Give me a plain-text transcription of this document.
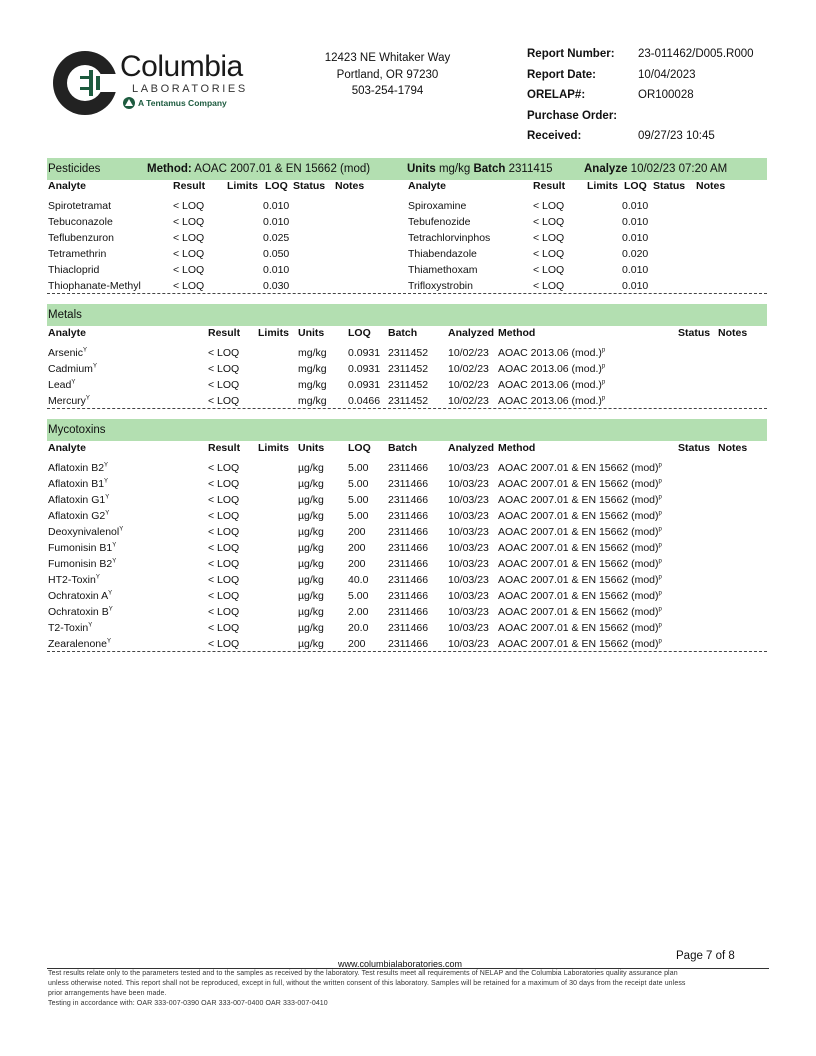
Columbia
LABORATORIES
A Tentamus Company
12423 NE Whitaker Way
Portland, OR 97230
503-254-1794
Report Number: 23-011462/D005.R000
Report Date:	10/04/2023
ORELAP#:	OR100028
Purchase Order:
Received:	09/27/23 10:45
Pesticides	Method: AOAC 2007.01 & EN 15662 (mod)	Units mg/kg Batch 2311415	Analyze 10/02/23 07:20 AM
Analyte	Result Limits LOQ Status Notes	Analyte	Result Limits LOQ Status Notes
Spirotetramat	< LOQ	0.010
Tebuconazole	< LOQ	0.010
Teflubenzuron	< LOQ	0.025
Tetramethrin	< LOQ	0.050
Thiacloprid	< LOQ	0.010
Thiophanate-Methyl	< LOQ	0.030
Spiroxamine	< LOQ	0.010
Tebufenozide	< LOQ	0.010
Tetrachlorvinphos	< LOQ	0.010
Thiabendazole	< LOQ	0.020
Thiamethoxam	< LOQ	0.010
Trifloxystrobin	< LOQ	0.010
Metals
Analyte	Result Limits Units LOQ Batch	Analyzed Method	Status Notes
Arsenic$^Y$	< LOQ	mg/kg 0.0931 2311452 10/02/23 AOAC 2013.06 $(mod.)^p$
Cadmium$^Y$	< LOQ	mg/kg 0.0931 2311452 10/02/23 AOAC 2013.06 $(mod.)^p$
Lead$^Y$	< LOQ	mg/kg 0.0931 2311452 10/02/23 AOAC 2013.06 $(mod.)^p$
Mercury$^Y$	< LOQ	mg/kg 0.0466 2311452 10/02/23 AOAC 2013.06 $(mod.)^p$
Mycotoxins
Analyte	Result Limits Units LOQ Batch	Analyzed Method	Status Notes
Aflatoxin $B2^Y$	< LOQ	µg/kg 5.00 2311466 10/03/23 AOAC 2007.01 & EN 15662 (mod)$^p$
Aflatoxin $B1^Y$	< LOQ	µg/kg 5.00 2311466 10/03/23 AOAC 2007.01 & EN 15662 (mod)$^p$
Aflatoxin $G1^Y$	< LOQ	µg/kg 5.00 2311466 10/03/23 AOAC 2007.01 & EN 15662 (mod)$^p$
Aflatoxin $G2^Y$	< LOQ	µg/kg 5.00 2311466 10/03/23 AOAC 2007.01 & EN 15662 (mod)$^p$
Deoxynivalenol$^Y$	< LOQ	µg/kg 200 2311466 10/03/23 AOAC 2007.01 & EN 15662 (mod)$^p$
Fumonisin $B1^Y$	< LOQ	µg/kg 200 2311466 10/03/23 AOAC 2007.01 & EN 15662 (mod)$^p$
Fumonisin $B2^Y$	< LOQ	µg/kg 200 2311466 10/03/23 AOAC 2007.01 & EN 15662 (mod)$^p$
HT2-Toxin$^Y$	< LOQ	µg/kg 40.0 2311466 10/03/23 AOAC 2007.01 & EN 15662 (mod)$^p$
Ochratoxin $A^Y$	< LOQ	µg/kg 5.00 2311466 10/03/23 AOAC 2007.01 & EN 15662 (mod)$^p$
Ochratoxin $B^Y$	< LOQ	µg/kg 2.00 2311466 10/03/23 AOAC 2007.01 & EN 15662 (mod)$^p$
T2-Toxin$^Y$	< LOQ	µg/kg 20.0 2311466 10/03/23 AOAC 2007.01 & EN 15662 (mod)$^p$
Zearalenone$^Y$	< LOQ	µg/kg 200 2311466 10/03/23 AOAC 2007.01 & EN 15662 (mod)$^p$
Page 7 of 8
www.columbialaboratories.com
Test results relate only to the parameters tested and to the samples as received by the laboratory. Test results meet all requirements of NELAP and the Columbia Laboratories quality assurance plan
unless otherwise noted. This report shall not be reproduced, except in full, without the written consent of this laboratory. Samples will be retained for a maximum of 30 days from the receipt date unless
prior arrangements have been made.
Testing in accordance with: OAR 333-007-0390 OAR 333-007-0400 OAR 333-007-0410
